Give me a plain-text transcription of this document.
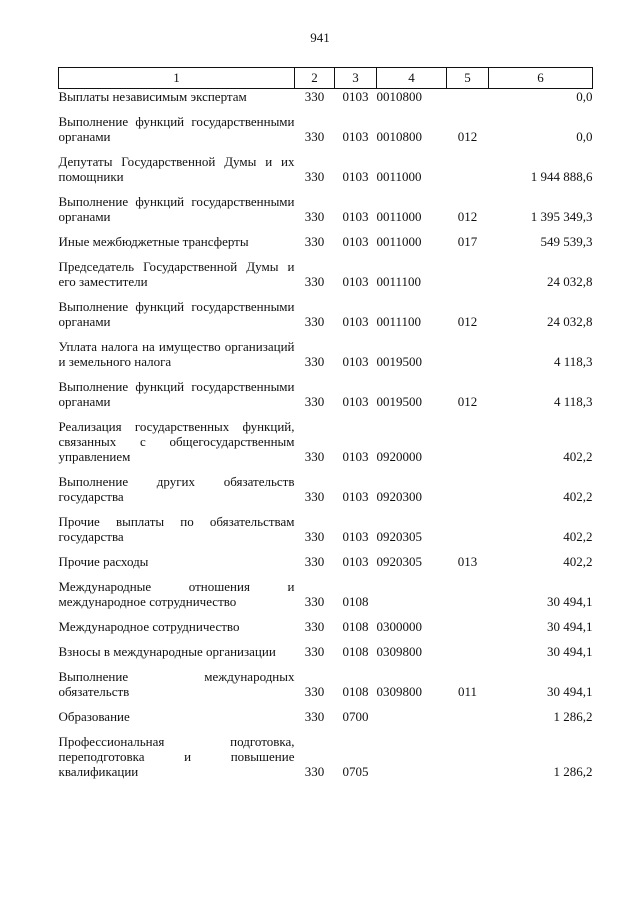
941
1	2	3	4	5	6
Выплаты независимым экспертам	330	0103	0010800		0,0

Выполнение функций государственными органами	330	0103	0010800	012	0,0

Депутаты Государственной Думы и их помощники	330	0103	0011000		1 944 888,6

Выполнение функций государственными органами	330	0103	0011000	012	1 395 349,3

Иные межбюджетные трансферты	330	0103	0011000	017	549 539,3

Председатель Государственной Думы и его заместители	330	0103	0011100		24 032,8

Выполнение функций государственными органами	330	0103	0011100	012	24 032,8

Уплата налога на имущество организаций и земельного налога	330	0103	0019500		4 118,3

Выполнение функций государственными органами	330	0103	0019500	012	4 118,3

Реализация государственных функций, связанных с общегосударственным управлением	330	0103	0920000		402,2

Выполнение других обязательств государства	330	0103	0920300		402,2

Прочие выплаты по обязательствам государства	330	0103	0920305		402,2

Прочие расходы	330	0103	0920305	013	402,2

Международные отношения и международное сотрудничество	330	0108			30 494,1

Международное сотрудничество	330	0108	0300000		30 494,1

Взносы в международные организации	330	0108	0309800		30 494,1

Выполнение международных обязательств	330	0108	0309800	011	30 494,1

Образование	330	0700			1 286,2

Профессиональная подготовка, переподготовка и повышение квалификации	330	0705			1 286,2
